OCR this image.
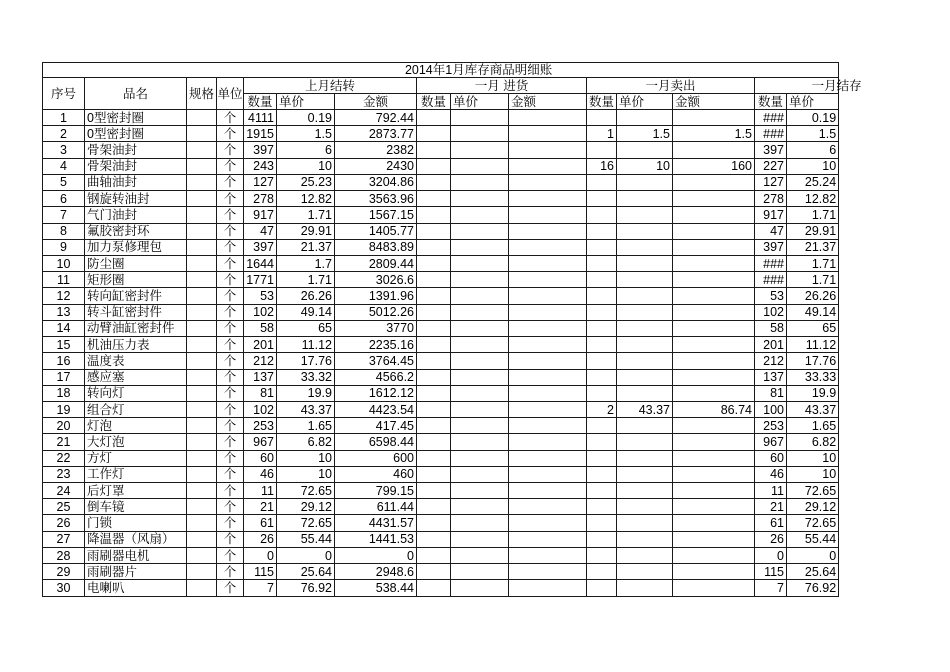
2014年1月库存商品明细账														
序号	品名	规格	单位	上月结转			一月 进货			一月卖出			一月结存	
				数量	单价	金额	数量	单价	金额	数量	单价	金额	数量	单价
1	0型密封圈		个	4111	0.19	792.44							###	0.19
2	0型密封圈		个	1915	1.5	2873.77				1	1.5	1.5	###	1.5
3	骨架油封		个	397	6	2382							397	6
4	骨架油封		个	243	10	2430				16	10	160	227	10
5	曲轴油封		个	127	25.23	3204.86							127	25.24
6	钢旋转油封		个	278	12.82	3563.96							278	12.82
7	气门油封		个	917	1.71	1567.15							917	1.71
8	氟胶密封环		个	47	29.91	1405.77							47	29.91
9	加力泵修理包		个	397	21.37	8483.89							397	21.37
10	防尘圈		个	1644	1.7	2809.44							###	1.71
11	矩形圈		个	1771	1.71	3026.6							###	1.71
12	转向缸密封件		个	53	26.26	1391.96							53	26.26
13	转斗缸密封件		个	102	49.14	5012.26							102	49.14
14	动臂油缸密封件		个	58	65	3770							58	65
15	机油压力表		个	201	11.12	2235.16							201	11.12
16	温度表		个	212	17.76	3764.45							212	17.76
17	感应塞		个	137	33.32	4566.2							137	33.33
18	转向灯		个	81	19.9	1612.12							81	19.9
19	组合灯		个	102	43.37	4423.54				2	43.37	86.74	100	43.37
20	灯泡		个	253	1.65	417.45							253	1.65
21	大灯泡		个	967	6.82	6598.44							967	6.82
22	方灯		个	60	10	600							60	10
23	工作灯		个	46	10	460							46	10
24	后灯罩		个	11	72.65	799.15							11	72.65
25	倒车镜		个	21	29.12	611.44							21	29.12
26	门锁		个	61	72.65	4431.57							61	72.65
27	降温器（风扇）		个	26	55.44	1441.53							26	55.44
28	雨刷器电机		个	0	0	0							0	0
29	雨刷器片		个	115	25.64	2948.6							115	25.64
30	电喇叭		个	7	76.92	538.44							7	76.92
